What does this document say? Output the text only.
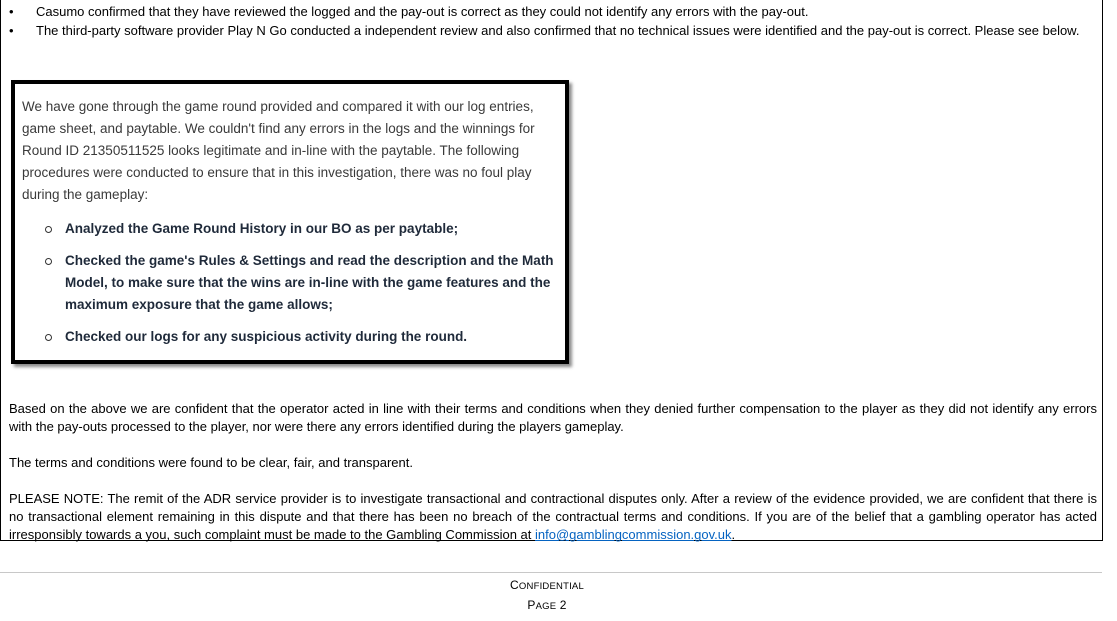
• Casumo confirmed that they have reviewed the logged and the pay-out is correct as they could not identify any errors with the pay-out.
• The third-party software provider Play N Go conducted a independent review and also confirmed that no technical issues were identified and the pay-out is correct. Please see below.
We have gone through the game round provided and compared it with our log entries, game sheet, and paytable. We couldn't find any errors in the logs and the winnings for Round ID 21350511525 looks legitimate and in-line with the paytable. The following procedures were conducted to ensure that in this investigation, there was no foul play during the gameplay:
Analyzed the Game Round History in our BO as per paytable;
Checked the game's Rules & Settings and read the description and the Math Model, to make sure that the wins are in-line with the game features and the maximum exposure that the game allows;
Checked our logs for any suspicious activity during the round.

Based on the above we are confident that the operator acted in line with their terms and conditions when they denied further compensation to the player as they did not identify any errors with the pay-outs processed to the player, nor were there any errors identified during the players gameplay.

The terms and conditions were found to be clear, fair, and transparent.

PLEASE NOTE: The remit of the ADR service provider is to investigate transactional and contractional disputes only. After a review of the evidence provided, we are confident that there is no transactional element remaining in this dispute and that there has been no breach of the contractual terms and conditions. If you are of the belief that a gambling operator has acted irresponsibly towards a you, such complaint must be made to the Gambling Commission at info@gamblingcommission.gov.uk.

CONFIDENTIAL
PAGE 2
